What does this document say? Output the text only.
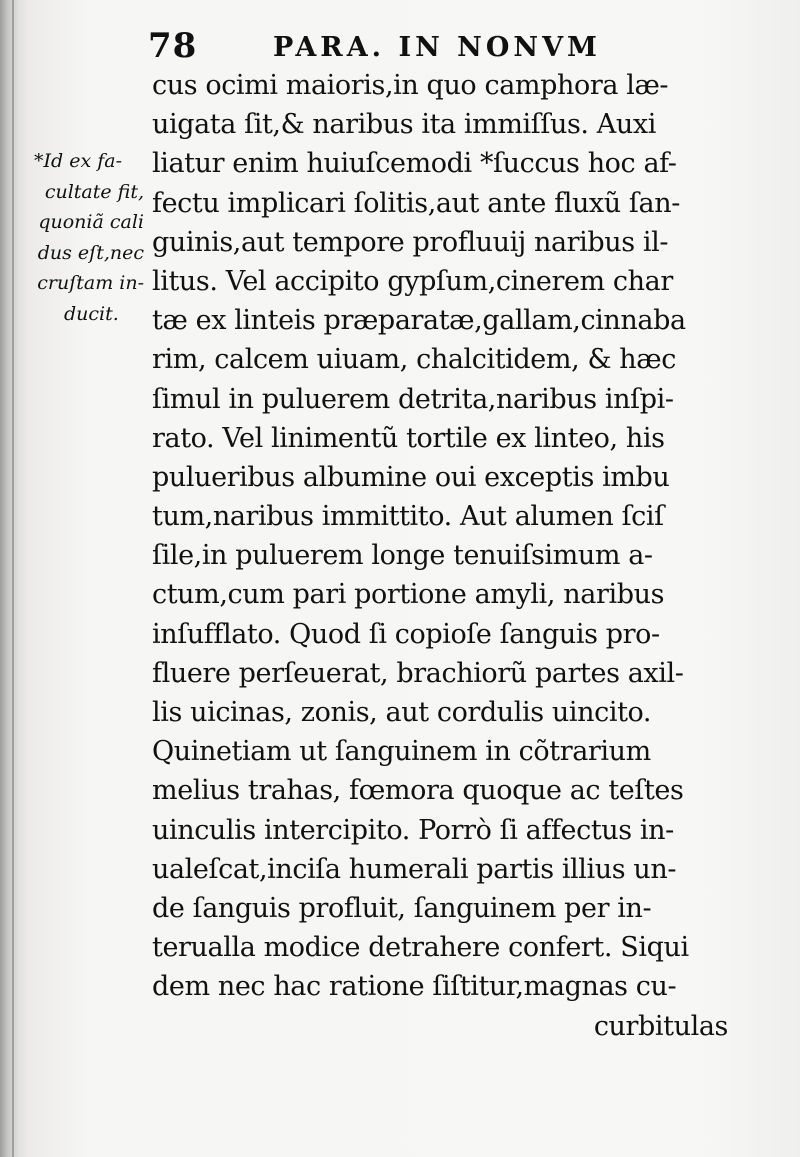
78	PARA. IN NONVM
*Id ex fa-
cultate fit,
quoniã cali
dus eſt,nec
cruſtam in-
ducit.
cus ocimi maioris,in quo camphora læ-
uigata ſit,& naribus ita immiſſus. Auxi
liatur enim huiuſcemodi *ſuccus hoc af-
fectu implicari ſolitis,aut ante fluxũ ſan-
guinis,aut tempore profluuij naribus il-
litus. Vel accipito gypſum,cinerem char
tæ ex linteis præparatæ,gallam,cinnaba
rim, calcem uiuam, chalcitidem, & hæc
ſimul in puluerem detrita,naribus inſpi-
rato. Vel linimentũ tortile ex linteo, his
pulueribus albumine oui exceptis imbu
tum,naribus immittito. Aut alumen ſciſ
ſile,in puluerem longe tenuiſsimum a-
ctum,cum pari portione amyli, naribus
inſufflato. Quod ſi copioſe ſanguis pro-
fluere perſeuerat, brachiorũ partes axil-
lis uicinas, zonis, aut cordulis uincito.
Quinetiam ut ſanguinem in cõtrarium
melius trahas, fœmora quoque ac teſtes
uinculis intercipito. Porrò ſi affectus in-
ualeſcat,inciſa humerali partis illius un-
de ſanguis profluit, ſanguinem per in-
terualla modice detrahere confert. Siqui
dem nec hac ratione ſiſtitur,magnas cu-
curbitulas
